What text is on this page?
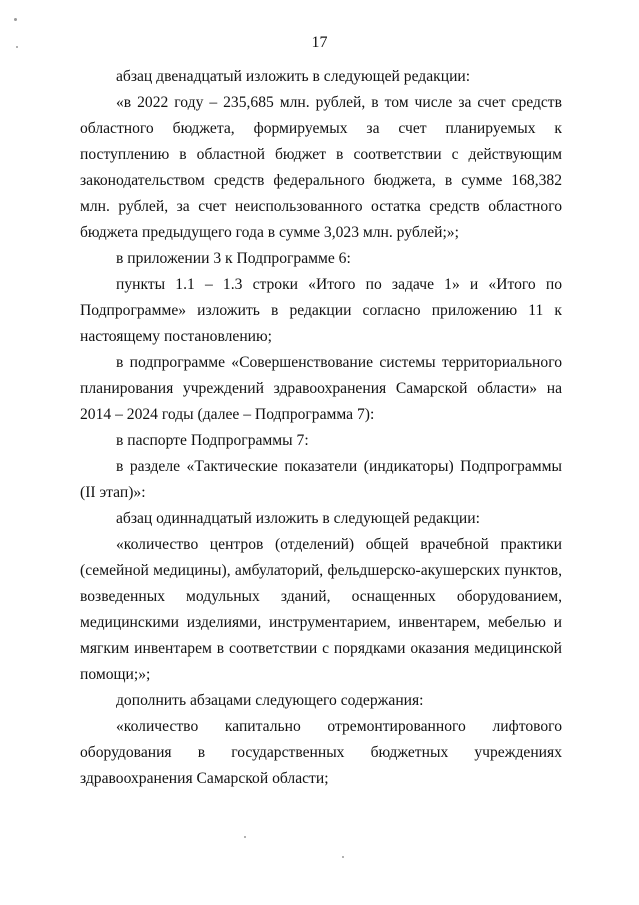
17

абзац двенадцатый изложить в следующей редакции:

«в 2022 году – 235,685 млн. рублей, в том числе за счет средств областного бюджета, формируемых за счет планируемых к поступлению в областной бюджет в соответствии с действующим законодательством средств федерального бюджета, в сумме 168,382 млн. рублей, за счет неиспользованного остатка средств областного бюджета предыдущего года в сумме 3,023 млн. рублей;»;

в приложении 3 к Подпрограмме 6:

пункты 1.1 – 1.3 строки «Итого по задаче 1» и «Итого по Подпрограмме» изложить в редакции согласно приложению 11 к настоящему постановлению;

в подпрограмме «Совершенствование системы территориального планирования учреждений здравоохранения Самарской области» на 2014 – 2024 годы (далее – Подпрограмма 7):

в паспорте Подпрограммы 7:

в разделе «Тактические показатели (индикаторы) Подпрограммы (II этап)»:

абзац одиннадцатый изложить в следующей редакции:

«количество центров (отделений) общей врачебной практики (семейной медицины), амбулаторий, фельдшерско-акушерских пунктов, возведенных модульных зданий, оснащенных оборудованием, медицинскими изделиями, инструментарием, инвентарем, мебелью и мягким инвентарем в соответствии с порядками оказания медицинской помощи;»;

дополнить абзацами следующего содержания:

«количество капитально отремонтированного лифтового оборудования в государственных бюджетных учреждениях здравоохранения Самарской области;
